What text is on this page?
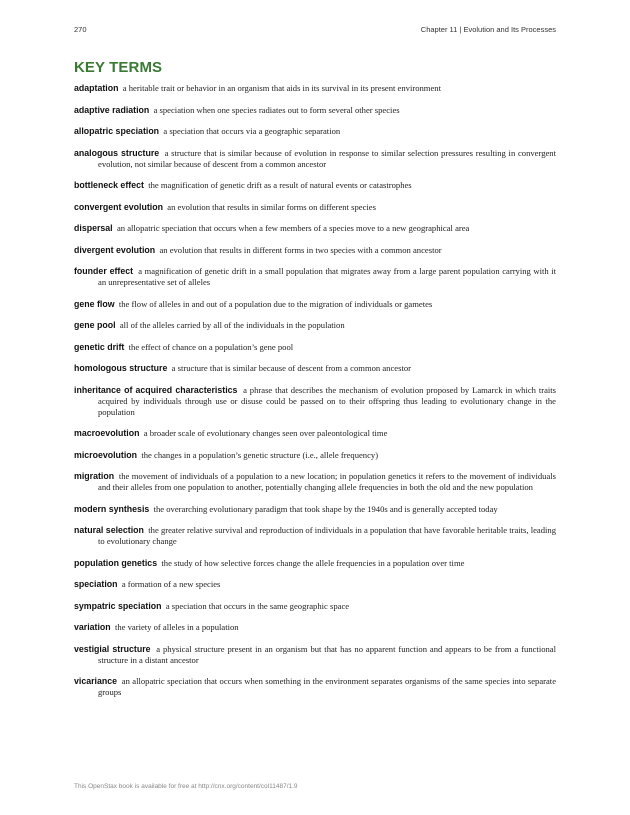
270	Chapter 11 | Evolution and Its Processes
KEY TERMS
adaptation a heritable trait or behavior in an organism that aids in its survival in its present environment
adaptive radiation a speciation when one species radiates out to form several other species
allopatric speciation a speciation that occurs via a geographic separation
analogous structure a structure that is similar because of evolution in response to similar selection pressures resulting in convergent evolution, not similar because of descent from a common ancestor
bottleneck effect the magnification of genetic drift as a result of natural events or catastrophes
convergent evolution an evolution that results in similar forms on different species
dispersal an allopatric speciation that occurs when a few members of a species move to a new geographical area
divergent evolution an evolution that results in different forms in two species with a common ancestor
founder effect a magnification of genetic drift in a small population that migrates away from a large parent population carrying with it an unrepresentative set of alleles
gene flow the flow of alleles in and out of a population due to the migration of individuals or gametes
gene pool all of the alleles carried by all of the individuals in the population
genetic drift the effect of chance on a population’s gene pool
homologous structure a structure that is similar because of descent from a common ancestor
inheritance of acquired characteristics a phrase that describes the mechanism of evolution proposed by Lamarck in which traits acquired by individuals through use or disuse could be passed on to their offspring thus leading to evolutionary change in the population
macroevolution a broader scale of evolutionary changes seen over paleontological time
microevolution the changes in a population’s genetic structure (i.e., allele frequency)
migration the movement of individuals of a population to a new location; in population genetics it refers to the movement of individuals and their alleles from one population to another, potentially changing allele frequencies in both the old and the new population
modern synthesis the overarching evolutionary paradigm that took shape by the 1940s and is generally accepted today
natural selection the greater relative survival and reproduction of individuals in a population that have favorable heritable traits, leading to evolutionary change
population genetics the study of how selective forces change the allele frequencies in a population over time
speciation a formation of a new species
sympatric speciation a speciation that occurs in the same geographic space
variation the variety of alleles in a population
vestigial structure a physical structure present in an organism but that has no apparent function and appears to be from a functional structure in a distant ancestor
vicariance an allopatric speciation that occurs when something in the environment separates organisms of the same species into separate groups
This OpenStax book is available for free at http://cnx.org/content/col11487/1.9
